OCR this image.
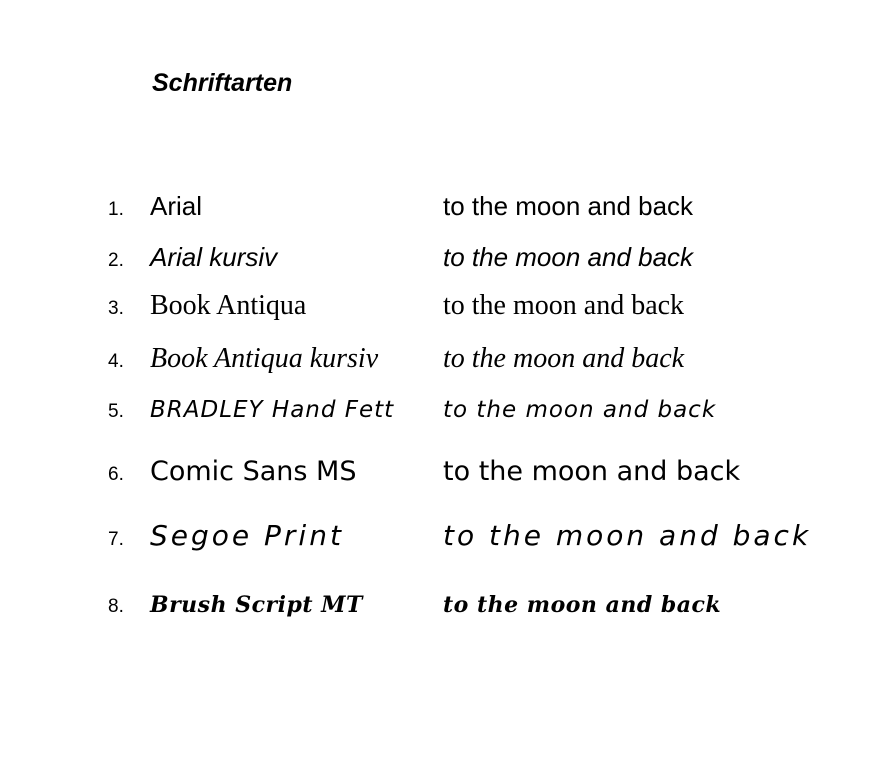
Schriftarten
1.	Arial	to the moon and back
2.	Arial kursiv	to the moon and back
3. Book Antiqua	to the moon and back
4. Book Antiqua kursiv	to the moon and back
5.	BRADLEY Hand Fett	to the moon and back
6. Comic Sans MS	to the moon and back
7. Segoe Print	to the moon and back
8.	Brush Script MT	to the moon and back
